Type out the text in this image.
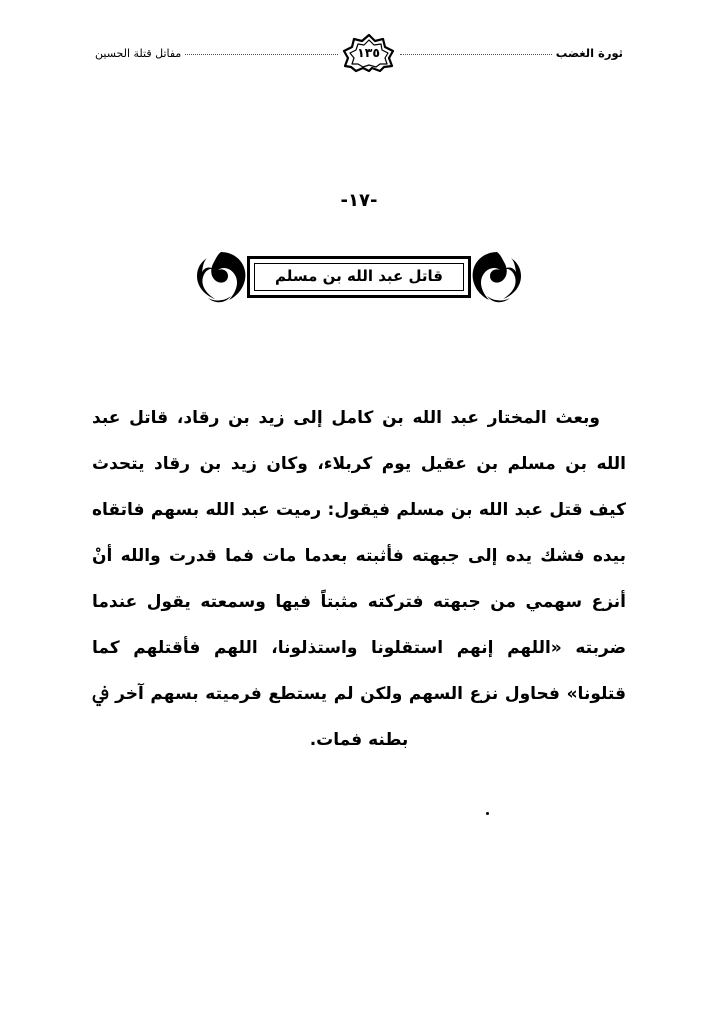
ثورة الغضب
١٣٥
مفاتل قتلة الحسين
-١٧-
قاتل عبد الله بن مسلم

وبعث المختار عبد الله بن كامل إلى زيد بن رقاد، قاتل عبد الله بن مسلم بن عقيل يوم كربلاء، وكان زيد بن رقاد يتحدث كيف قتل عبد الله بن مسلم فيقول: رميت عبد الله بسهم فاتقاه بيده فشك يده إلى جبهته فأثبته بعدما مات فما قدرت والله أنْ أنزع سهمي من جبهته فتركته مثبتاً فيها وسمعته يقول عندما ضربته «اللهم إنهم استقلونا واستذلونا، اللهم فأقتلهم كما قتلونا» فحاول نزع السهم ولكن لم يستطع فرميته بسهم آخر ﰲ بطنه فمات.
